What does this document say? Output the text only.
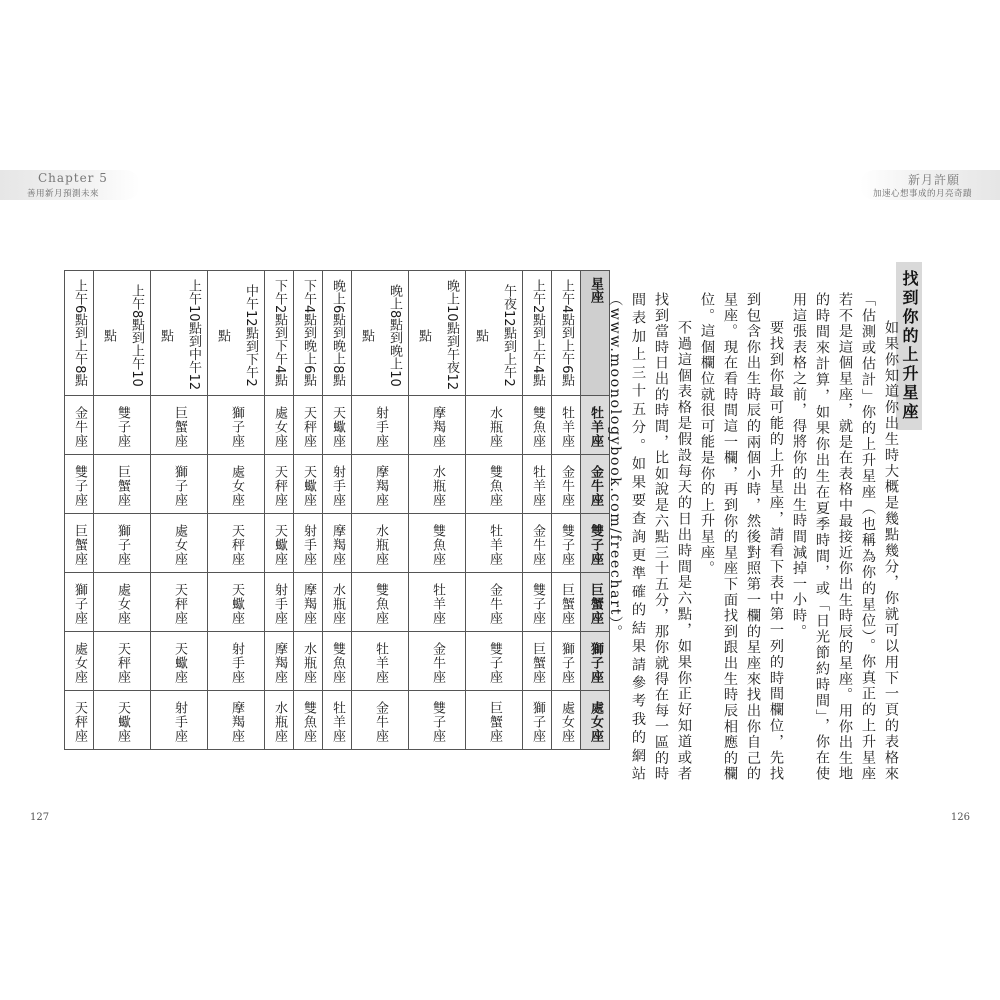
Chapter 5
善用新月預測未來
上午6點到上午8點	上午8點到上午10點	上午10點到中午12點	中午12點到下午2點	下午2點到下午4點	下午4點到晚上6點	晚上6點到晚上8點	晚上8點到晚上10點	晚上10點到午夜12點	午夜12點到上午2點	上午2點到上午4點	上午4點到上午6點	星座
金牛座	雙子座	巨蟹座	獅子座	處女座	天秤座	天蠍座	射手座	摩羯座	水瓶座	雙魚座	牡羊座	牡羊座
雙子座	巨蟹座	獅子座	處女座	天秤座	天蠍座	射手座	摩羯座	水瓶座	雙魚座	牡羊座	金牛座	金牛座
巨蟹座	獅子座	處女座	天秤座	天蠍座	射手座	摩羯座	水瓶座	雙魚座	牡羊座	金牛座	雙子座	雙子座
獅子座	處女座	天秤座	天蠍座	射手座	摩羯座	水瓶座	雙魚座	牡羊座	金牛座	雙子座	巨蟹座	巨蟹座
處女座	天秤座	天蠍座	射手座	摩羯座	水瓶座	雙魚座	牡羊座	金牛座	雙子座	巨蟹座	獅子座	獅子座
天秤座	天蠍座	射手座	摩羯座	水瓶座	雙魚座	牡羊座	金牛座	雙子座	巨蟹座	獅子座	處女座	處女座
127
新月許願
加速心想事成的月亮奇蹟
找到你的上升星座

如果你知道你出生時大概是幾點幾分，你就可以用下一頁的表格來「估測或估計」你的上升星座（也稱為你的星位）。你真正的上升星座若不是這個星座，就是在表格中最接近你出生時辰的星座。用你出生地的時間來計算，如果你出生在夏季時間，或「日光節約時間」，你在使用這張表格之前，得將你的出生時間減掉一小時。

要找到你最可能的上升星座，請看下表中第一列的時間欄位，先找到包含你出生時辰的兩個小時，然後對照第一欄的星座來找出你自己的星座。現在看時間這一欄，再到你的星座下面找到跟出生時辰相應的欄位。這個欄位就很可能是你的上升星座。

不過這個表格是假設每天的日出時間是六點，如果你正好知道或者找到當時日出的時間，比如說是六點三十五分，那你就得在每一區的時間表加上三十五分。如果要查詢更準確的結果請參考我的網站（www.moonologybook.com/freechart）。

126
